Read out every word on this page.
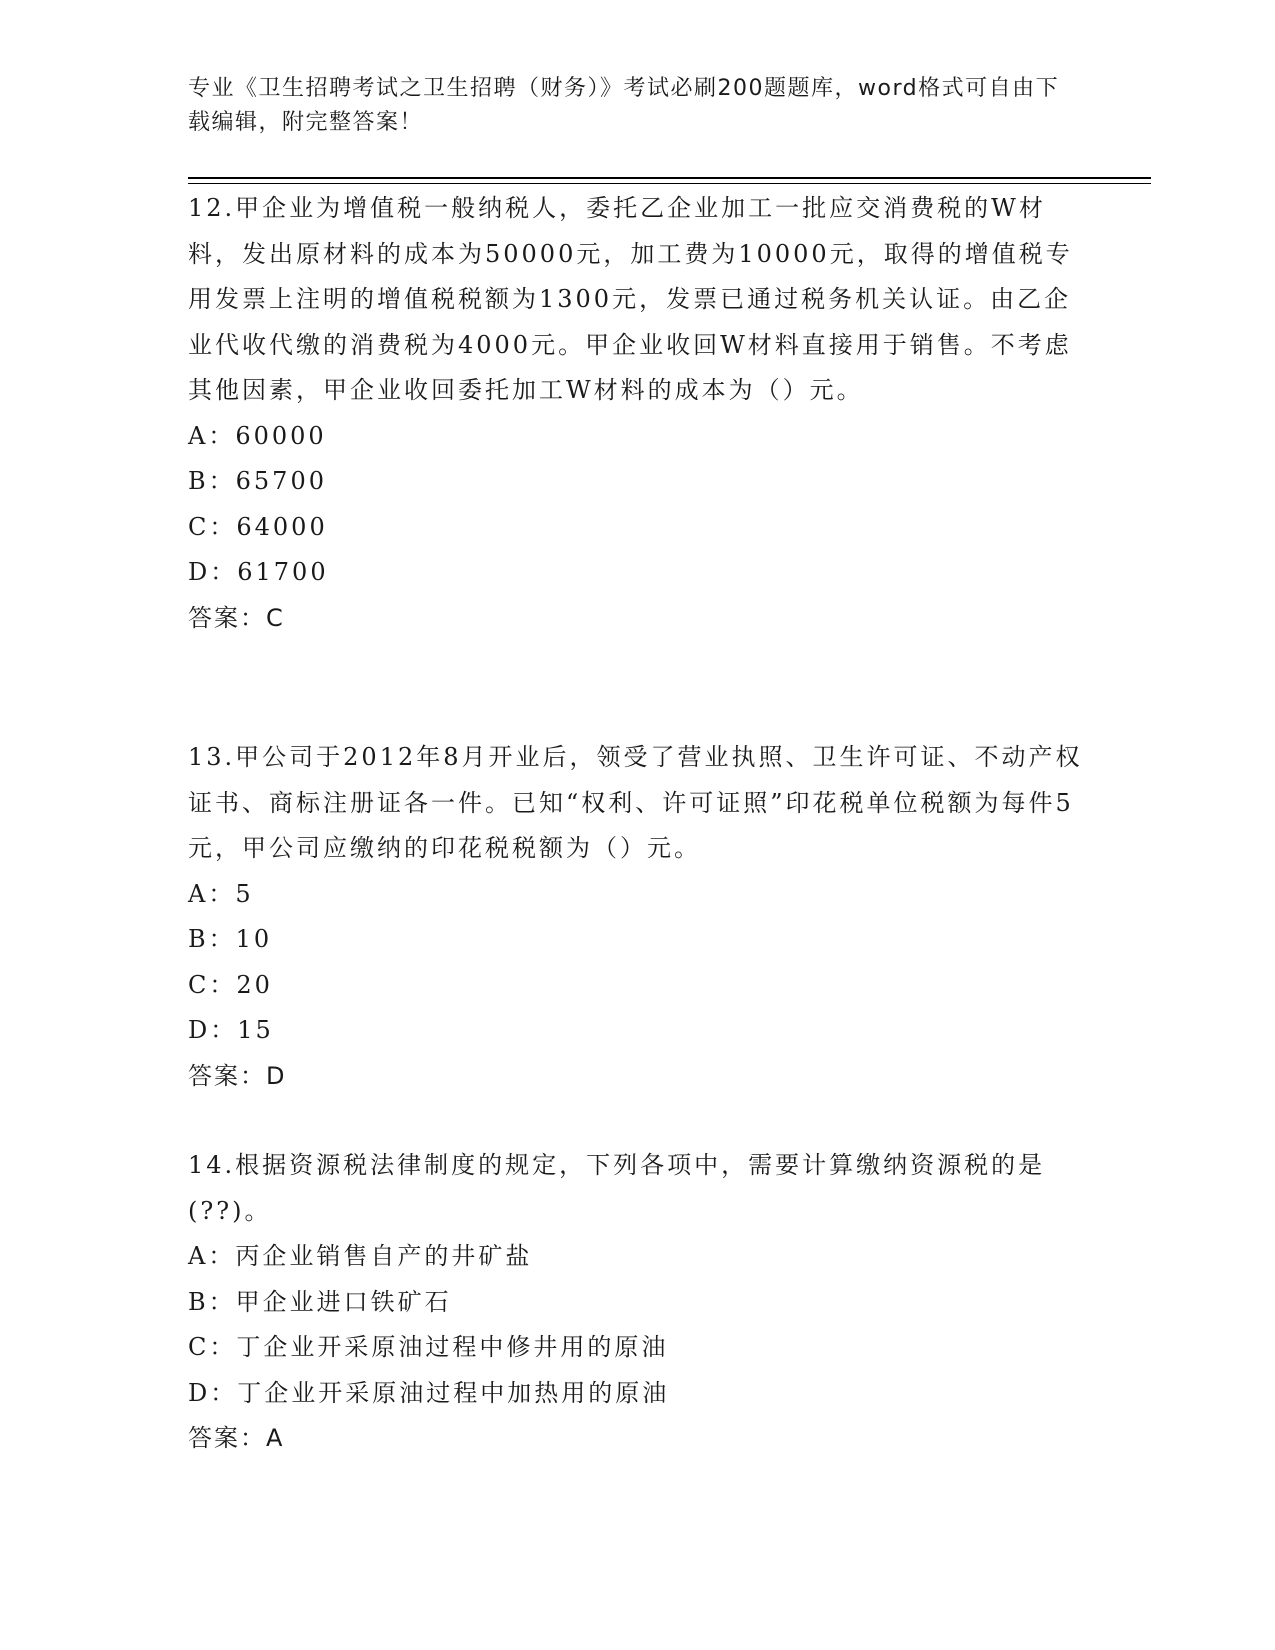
专业《卫生招聘考试之卫生招聘（财务）》考试必刷200题题库，word格式可自由下载编辑，附完整答案！

12.甲企业为增值税一般纳税人，委托乙企业加工一批应交消费税的W材料，发出原材料的成本为50000元，加工费为10000元，取得的增值税专用发票上注明的增值税税额为1300元，发票已通过税务机关认证。由乙企业代收代缴的消费税为4000元。甲企业收回W材料直接用于销售。不考虑其他因素，甲企业收回委托加工W材料的成本为（）元。

A：60000

B：65700

C：64000

D：61700

答案：C

13.甲公司于2012年8月开业后，领受了营业执照、卫生许可证、不动产权证书、商标注册证各一件。已知“权利、许可证照”印花税单位税额为每件5元，甲公司应缴纳的印花税税额为（）元。

A：5

B：10

C：20

D：15

答案：D

14.根据资源税法律制度的规定，下列各项中，需要计算缴纳资源税的是(??)。

A：丙企业销售自产的井矿盐

B：甲企业进口铁矿石

C：丁企业开采原油过程中修井用的原油

D：丁企业开采原油过程中加热用的原油

答案：A
